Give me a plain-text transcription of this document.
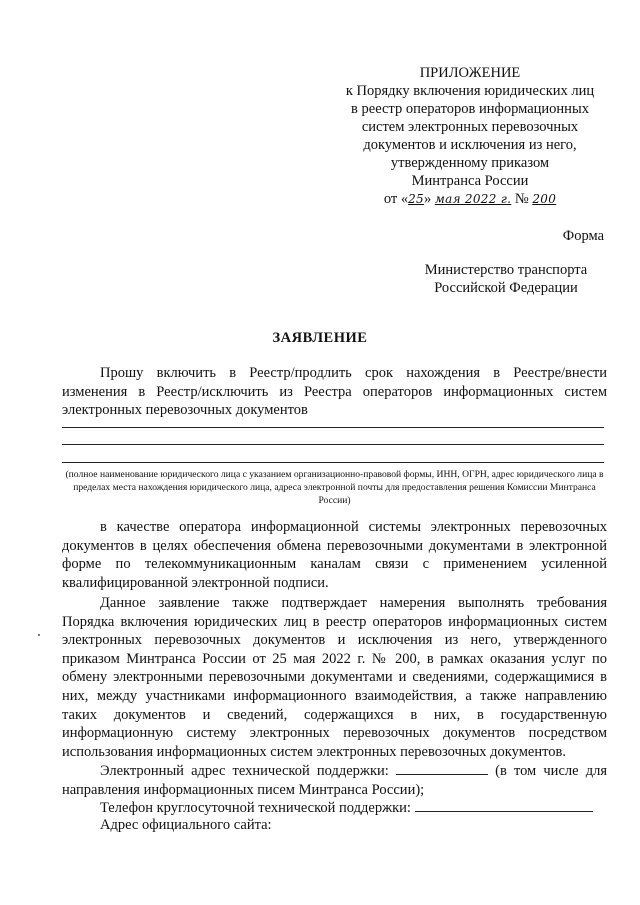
ПРИЛОЖЕНИЕ
к Порядку включения юридических лиц
в реестр операторов информационных
систем электронных перевозочных
документов и исключения из него,
утвержденному приказом
Минтранса России
от «25» мая 2022 г. № 200
Форма
Министерство транспорта
Российской Федерации
ЗАЯВЛЕНИЕ
Прошу включить в Реестр/продлить срок нахождения в Реестре/внести изменения в Реестр/исключить из Реестра операторов информационных систем электронных перевозочных документов
(полное наименование юридического лица с указанием организационно-правовой формы, ИНН, ОГРН, адрес юридического лица в пределах места нахождения юридического лица, адреса электронной почты для предоставления решения Комиссии Минтранса России)
в качестве оператора информационной системы электронных перевозочных документов в целях обеспечения обмена перевозочными документами в электронной форме по телекоммуникационным каналам связи с применением усиленной квалифицированной электронной подписи.
Данное заявление также подтверждает намерения выполнять требования Порядка включения юридических лиц в реестр операторов информационных систем электронных перевозочных документов и исключения из него, утвержденного приказом Минтранса России от 25 мая 2022 г. № 200, в рамках оказания услуг по обмену электронными перевозочными документами и сведениями, содержащимися в них, между участниками информационного взаимодействия, а также направлению таких документов и сведений, содержащихся в них, в государственную информационную систему электронных перевозочных документов посредством использования информационных систем электронных перевозочных документов.
Электронный адрес технической поддержки:	(в том числе для направления информационных писем Минтранса России);
Телефон круглосуточной технической поддержки:
Адрес официального сайта:
